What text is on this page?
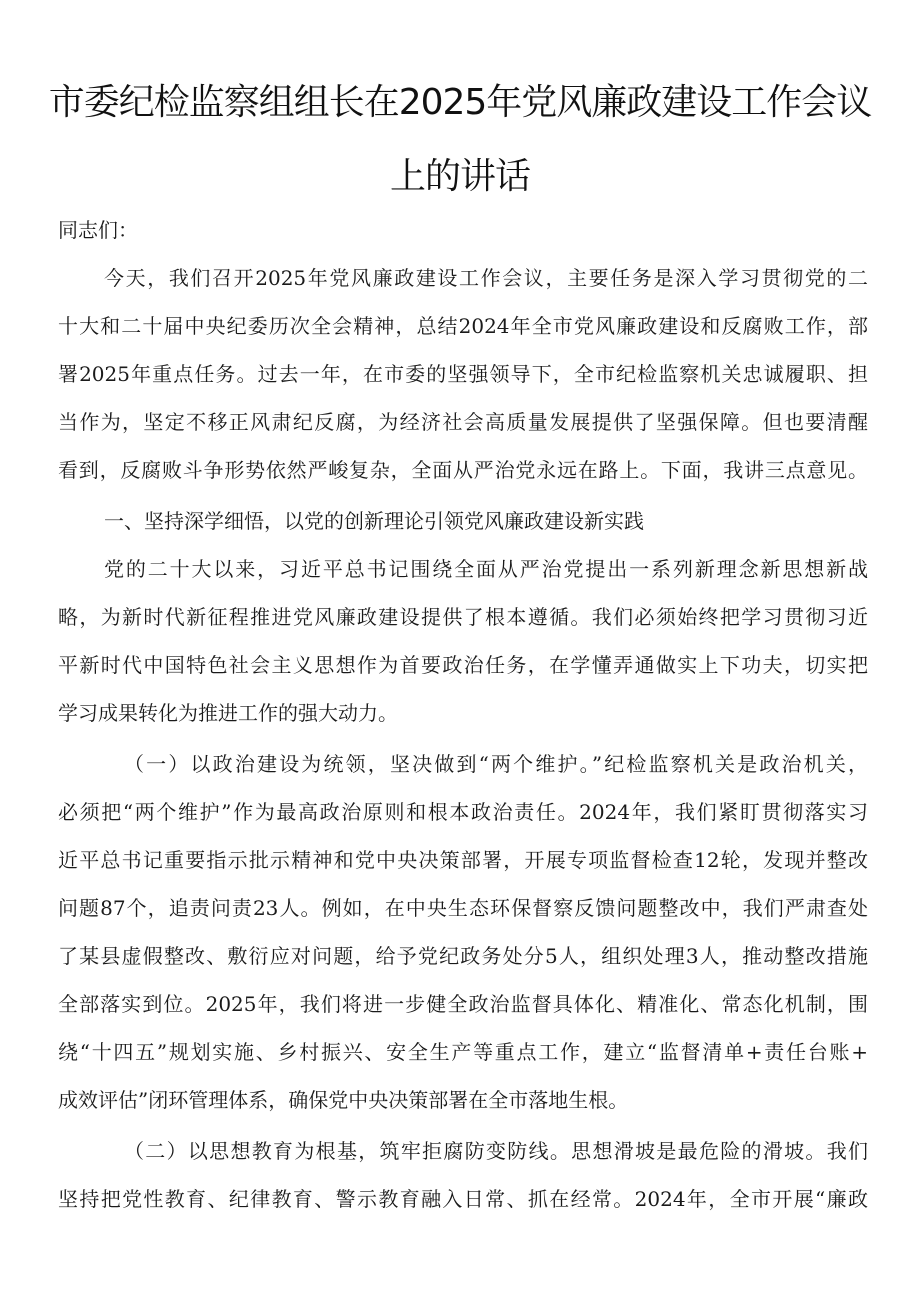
市委纪检监察组组长在2025年党风廉政建设工作会议
上的讲话

同志们：

今天，我们召开2025年党风廉政建设工作会议，主要任务是深入学习贯彻党的二

十大和二十届中央纪委历次全会精神，总结2024年全市党风廉政建设和反腐败工作，部

署2025年重点任务。过去一年，在市委的坚强领导下，全市纪检监察机关忠诚履职、担

当作为，坚定不移正风肃纪反腐，为经济社会高质量发展提供了坚强保障。但也要清醒

看到，反腐败斗争形势依然严峻复杂，全面从严治党永远在路上。下面，我讲三点意见。

一、坚持深学细悟，以党的创新理论引领党风廉政建设新实践

党的二十大以来，习近平总书记围绕全面从严治党提出一系列新理念新思想新战

略，为新时代新征程推进党风廉政建设提供了根本遵循。我们必须始终把学习贯彻习近

平新时代中国特色社会主义思想作为首要政治任务，在学懂弄通做实上下功夫，切实把

学习成果转化为推进工作的强大动力。

（一）以政治建设为统领，坚决做到“两个维护。”纪检监察机关是政治机关，

必须把“两个维护”作为最高政治原则和根本政治责任。2024年，我们紧盯贯彻落实习

近平总书记重要指示批示精神和党中央决策部署，开展专项监督检查12轮，发现并整改

问题87个，追责问责23人。例如，在中央生态环保督察反馈问题整改中，我们严肃查处

了某县虚假整改、敷衍应对问题，给予党纪政务处分5人，组织处理3人，推动整改措施

全部落实到位。2025年，我们将进一步健全政治监督具体化、精准化、常态化机制，围

绕“十四五”规划实施、乡村振兴、安全生产等重点工作，建立“监督清单+责任台账+

成效评估”闭环管理体系，确保党中央决策部署在全市落地生根。

（二）以思想教育为根基，筑牢拒腐防变防线。思想滑坡是最危险的滑坡。我们

坚持把党性教育、纪律教育、警示教育融入日常、抓在经常。2024年，全市开展“廉政
